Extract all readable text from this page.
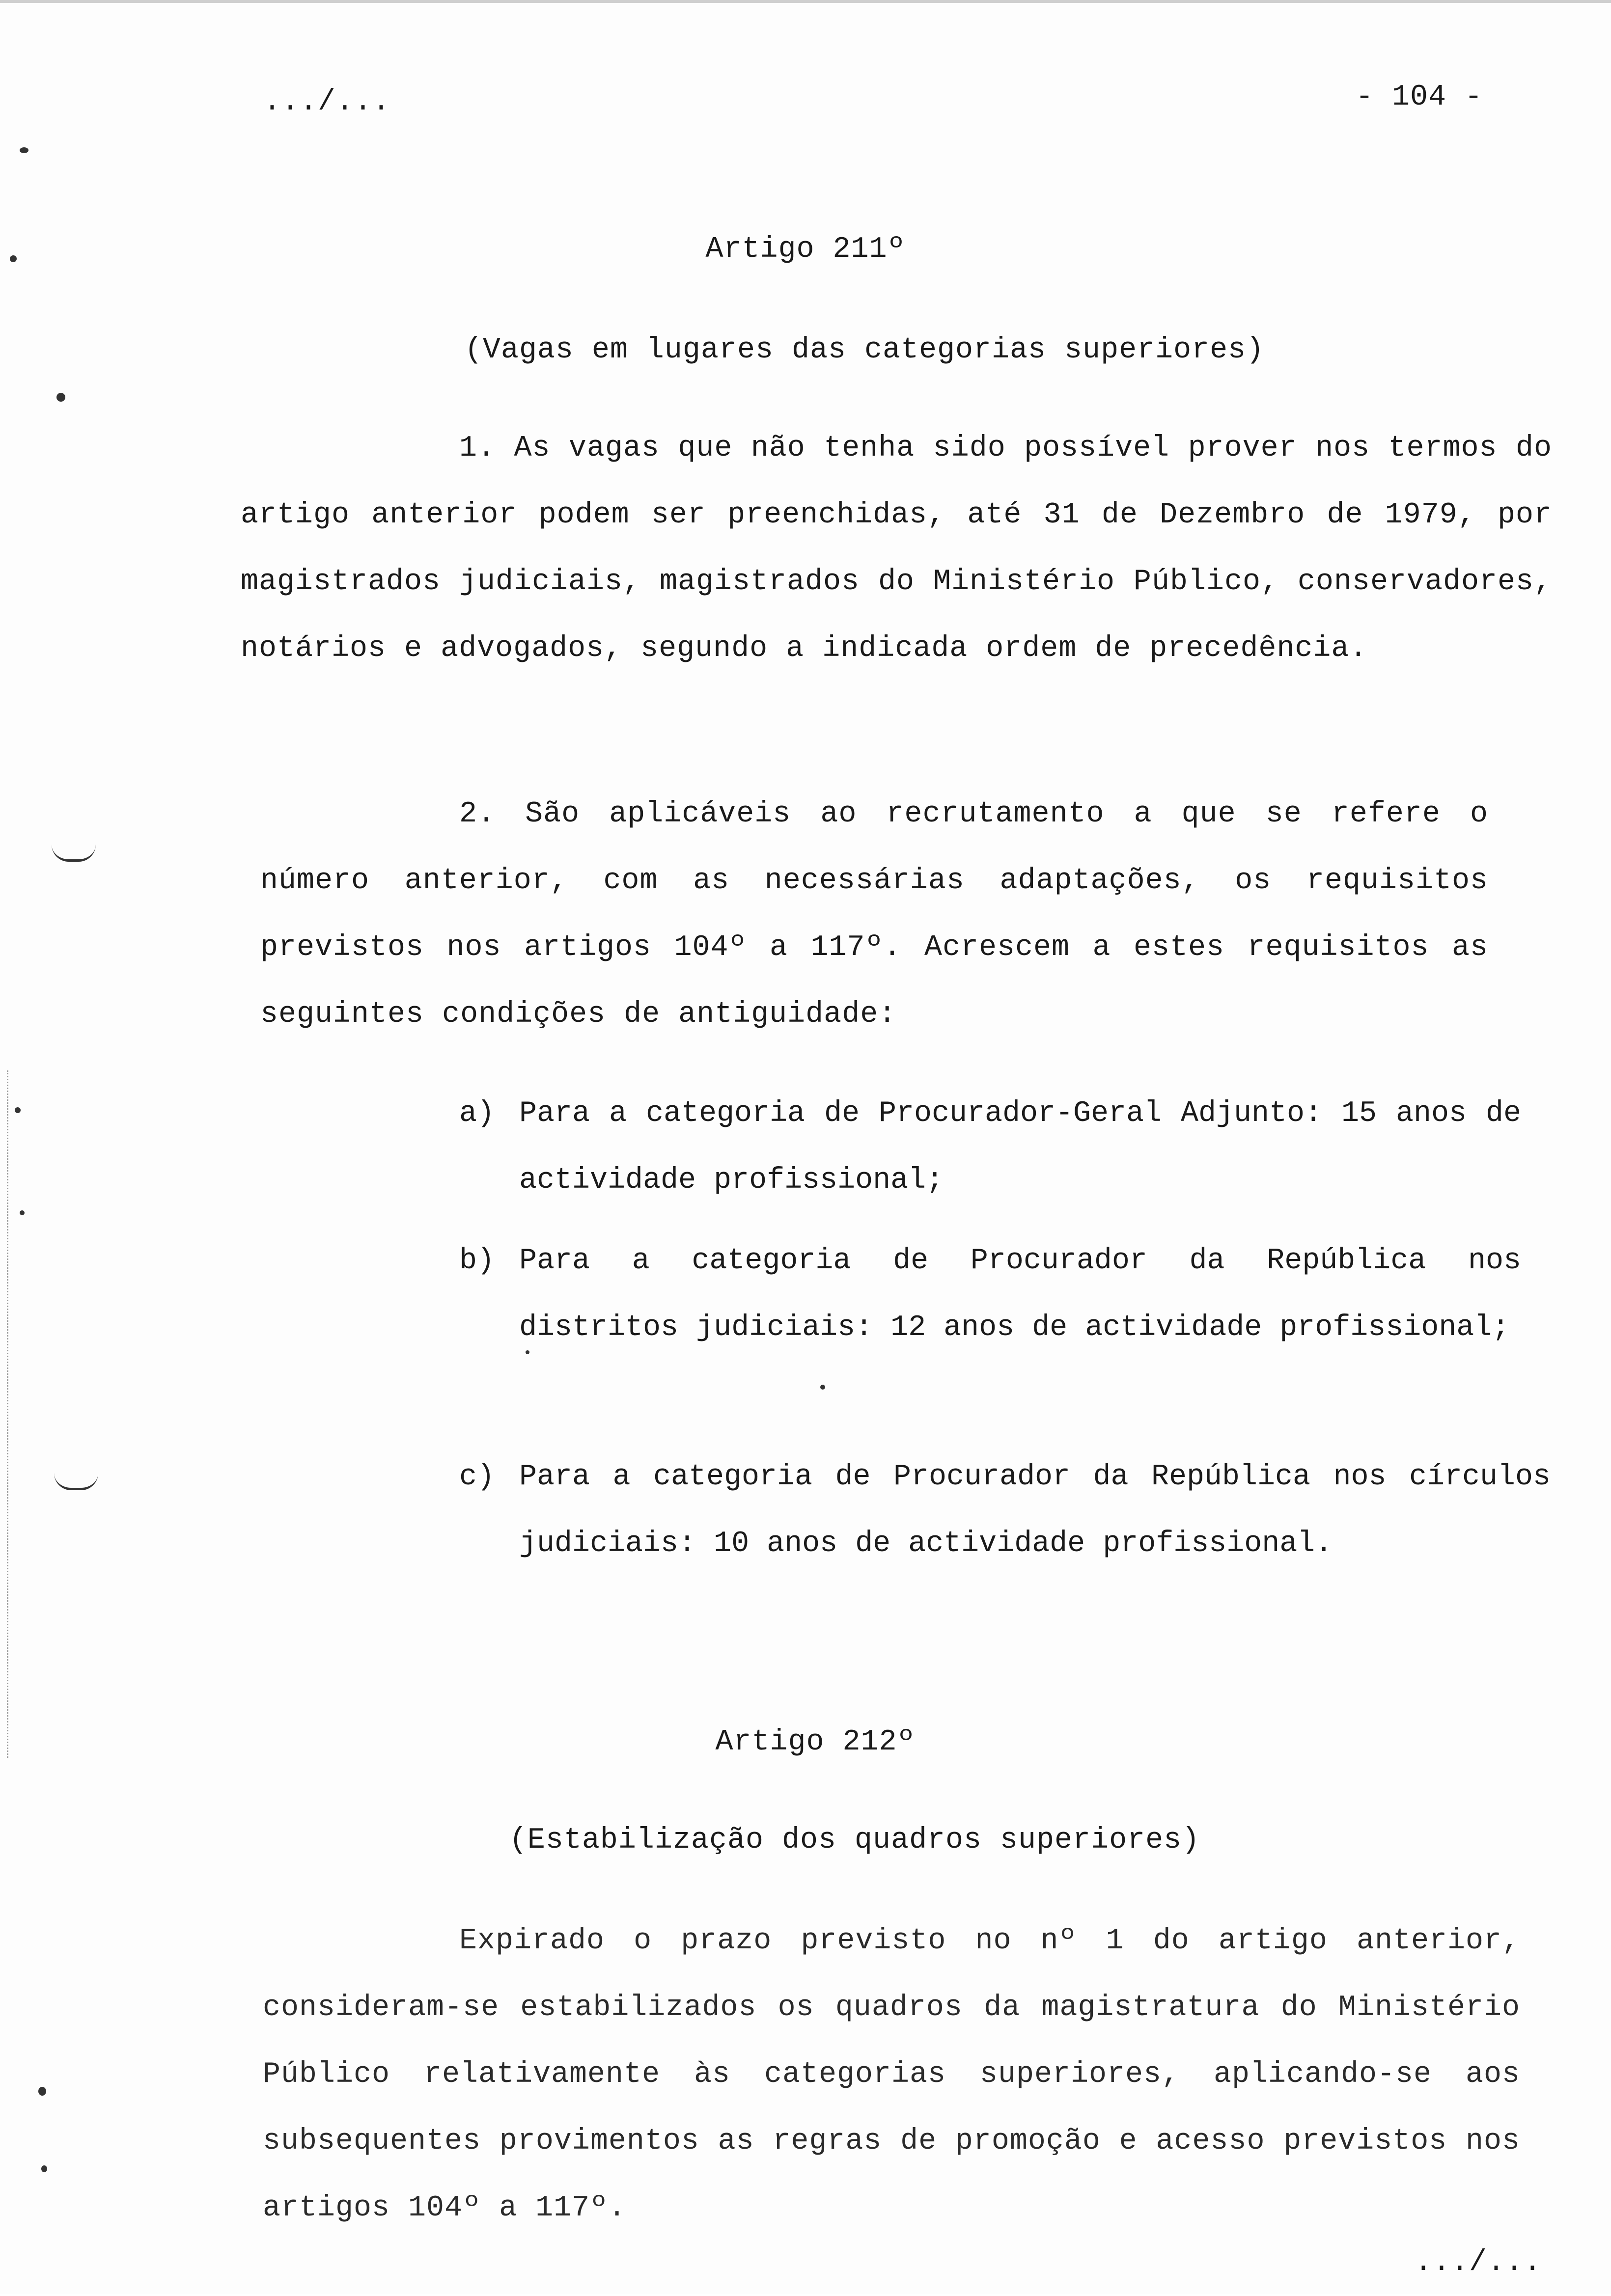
.../...	- 104 -
Artigo 211º
(Vagas em lugares das categorias superiores)
1. As vagas que não tenha sido possível prover nos termos do artigo anterior podem ser preenchidas, até 31 de Dezembro de 1979, por magistrados judiciais, magistrados do Ministério Público, conservadores, notários e advogados, segundo a indicada ordem de precedência.
2. São aplicáveis ao recrutamento a que se refere o número anterior, com as necessárias adaptações, os requisitos previstos nos artigos 104º a 117º. Acrescem a estes requisitos as seguintes condições de antiguidade:
a) Para a categoria de Procurador-Geral Adjunto: 15 anos de actividade profissional;
b) Para a categoria de Procurador da República nos distritos judiciais: 12 anos de actividade profissional;
c) Para a categoria de Procurador da República nos círculos judiciais: 10 anos de actividade profissional.
Artigo 212º
(Estabilização dos quadros superiores)
Expirado o prazo previsto no nº 1 do artigo anterior, consideram-se estabilizados os quadros da magistratura do Ministério Público relativamente às categorias superiores, aplicando-se aos subsequentes provimentos as regras de promoção e acesso previstos nos artigos 104º a 117º.
.../...
